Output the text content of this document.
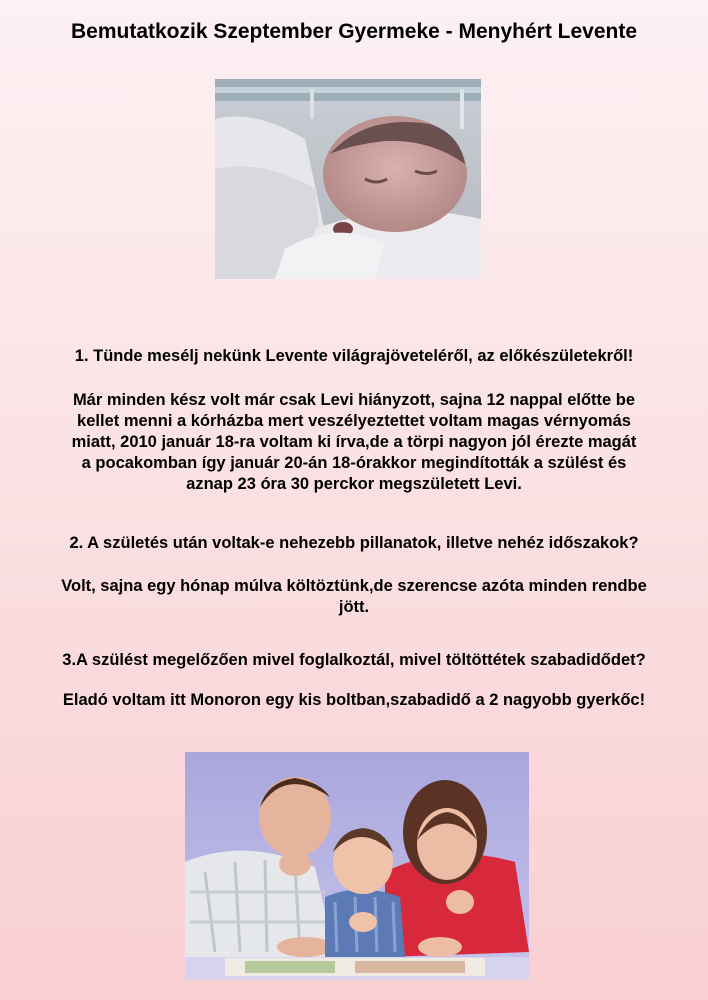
Bemutatkozik Szeptember Gyermeke - Menyhért Levente

1. Tünde mesélj nekünk Levente világrajöveteléről, az előkészületekről!

Már minden kész volt már csak Levi hiányzott, sajna 12 nappal előtte be

kellet menni a kórházba mert veszélyeztettet voltam magas vérnyomás

miatt, 2010 január 18-ra voltam ki írva,de a törpi nagyon jól érezte magát

a pocakomban így január 20-án 18-órakkor megindították a szülést és

aznap 23 óra 30 perckor megszületett Levi.

2. A születés után voltak-e nehezebb pillanatok, illetve nehéz időszakok?

Volt, sajna egy hónap múlva költöztünk,de szerencse azóta minden rendbe

jött.

3.A szülést megelőzően mivel foglalkoztál, mivel töltöttétek szabadidődet?

Eladó voltam itt Monoron egy kis boltban,szabadidő a 2 nagyobb gyerkőc!
